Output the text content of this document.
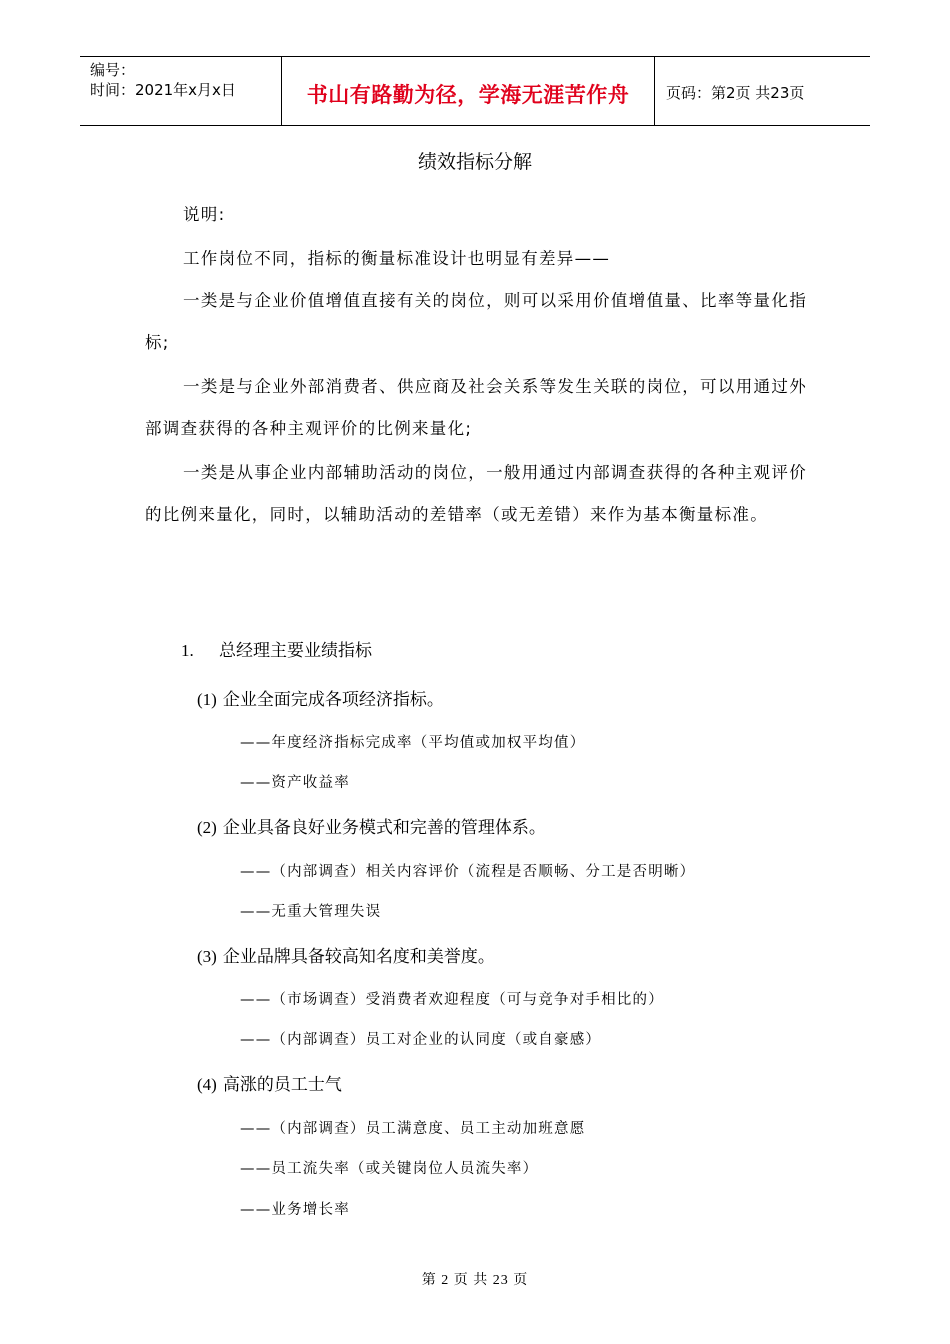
编号：
时间：2021年x月x日	书山有路勤为径，学海无涯苦作舟	页码：第2页 共23页
绩效指标分解
说明:
工作岗位不同，指标的衡量标准设计也明显有差异——
一类是与企业价值增值直接有关的岗位，则可以采用价值增值量、比率等量化指标;
一类是与企业外部消费者、供应商及社会关系等发生关联的岗位，可以用通过外部调查获得的各种主观评价的比例来量化;
一类是从事企业内部辅助活动的岗位，一般用通过内部调查获得的各种主观评价的比例来量化，同时，以辅助活动的差错率（或无差错）来作为基本衡量标准。
1. 总经理主要业绩指标
(1) 企业全面完成各项经济指标。
——年度经济指标完成率（平均值或加权平均值）
——资产收益率
(2) 企业具备良好业务模式和完善的管理体系。
——（内部调查）相关内容评价（流程是否顺畅、分工是否明晰）
——无重大管理失误
(3) 企业品牌具备较高知名度和美誉度。
——（市场调查）受消费者欢迎程度（可与竞争对手相比的）
——（内部调查）员工对企业的认同度（或自豪感）
(4) 高涨的员工士气
——（内部调查）员工满意度、员工主动加班意愿
——员工流失率（或关键岗位人员流失率）
——业务增长率
第 2 页 共 23 页
